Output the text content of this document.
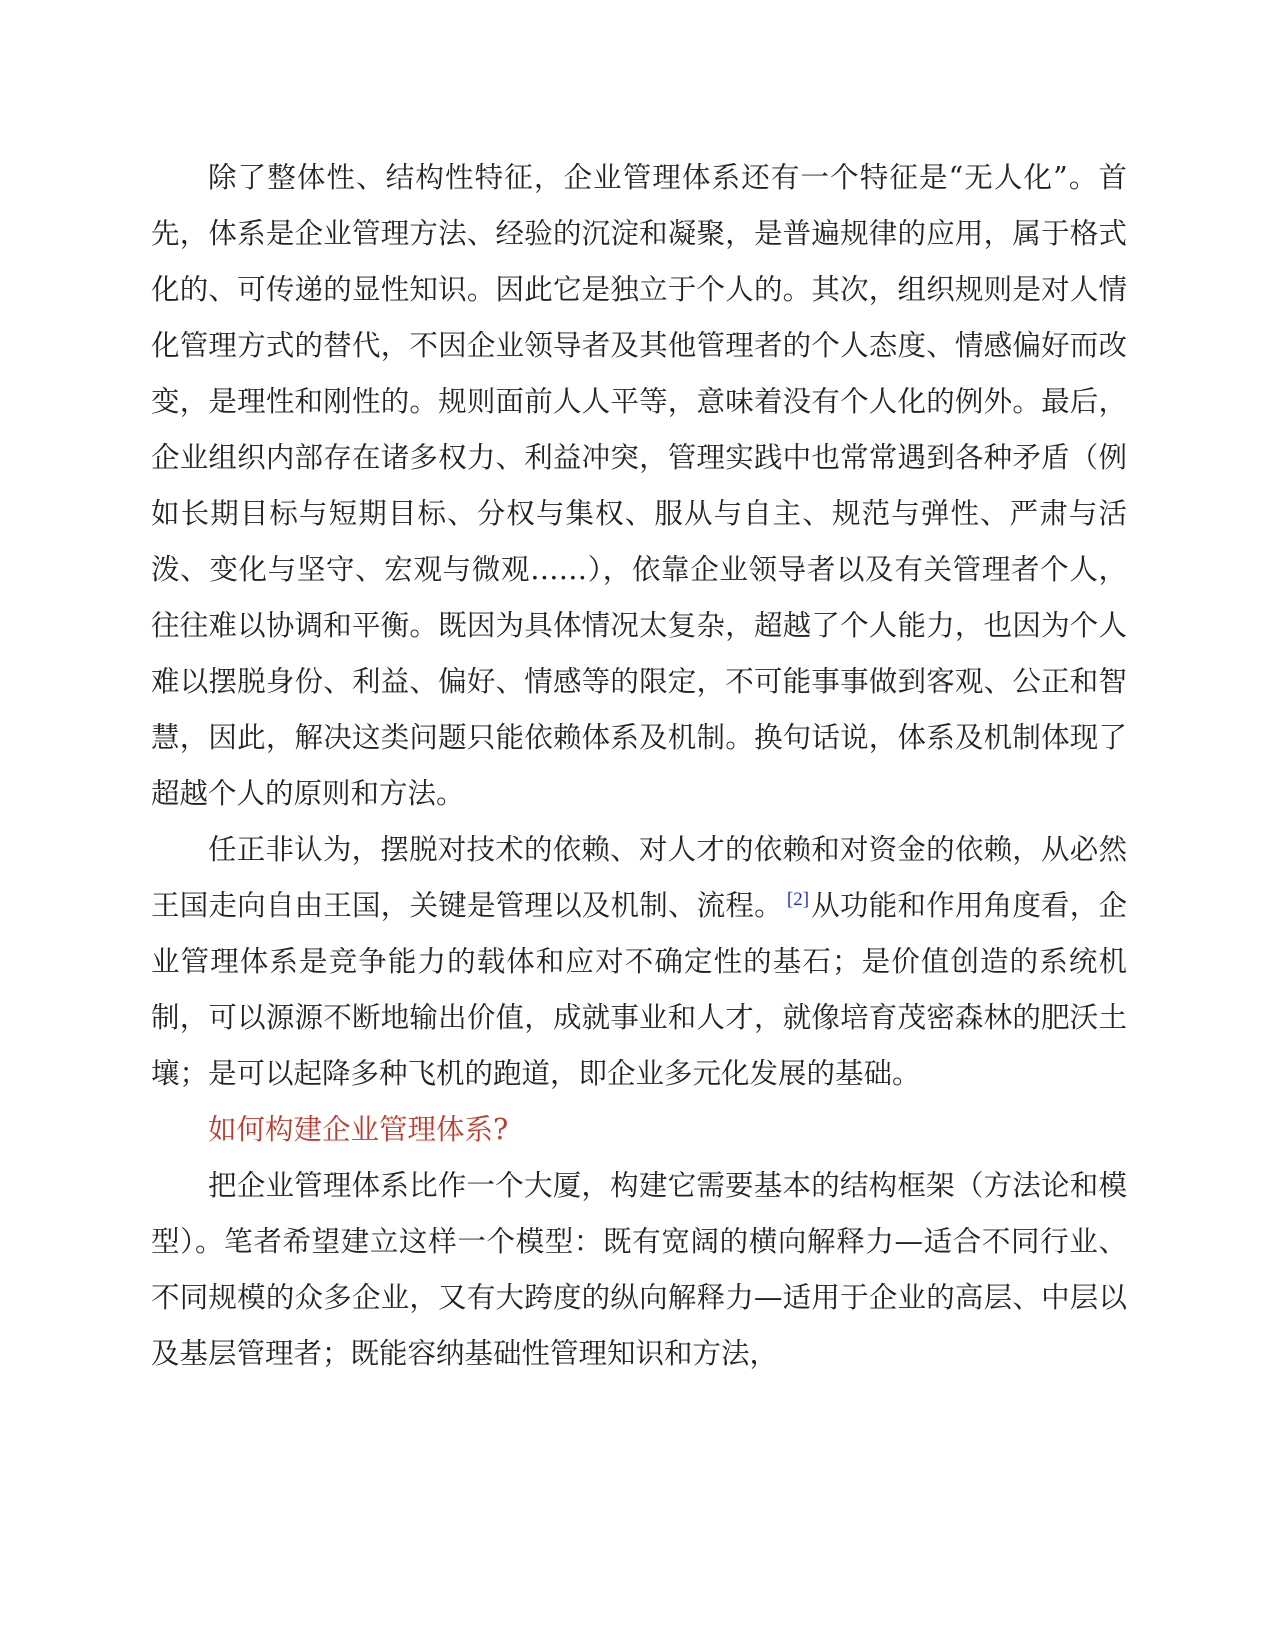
除了整体性、结构性特征，企业管理体系还有一个特征是“无人化”。首先，体系是企业管理方法、经验的沉淀和凝聚，是普遍规律的应用，属于格式化的、可传递的显性知识。因此它是独立于个人的。其次，组织规则是对人情化管理方式的替代，不因企业领导者及其他管理者的个人态度、情感偏好而改变，是理性和刚性的。规则面前人人平等，意味着没有个人化的例外。最后，企业组织内部存在诸多权力、利益冲突，管理实践中也常常遇到各种矛盾（例如长期目标与短期目标、分权与集权、服从与自主、规范与弹性、严肃与活泼、变化与坚守、宏观与微观……），依靠企业领导者以及有关管理者个人，往往难以协调和平衡。既因为具体情况太复杂，超越了个人能力，也因为个人难以摆脱身份、利益、偏好、情感等的限定，不可能事事做到客观、公正和智慧，因此，解决这类问题只能依赖体系及机制。换句话说，体系及机制体现了超越个人的原则和方法。

任正非认为，摆脱对技术的依赖、对人才的依赖和对资金的依赖，从必然王国走向自由王国，关键是管理以及机制、流程。 [2]从功能和作用角度看，企业管理体系是竞争能力的载体和应对不确定性的基石；是价值创造的系统机制，可以源源不断地输出价值，成就事业和人才，就像培育茂密森林的肥沃土壤；是可以起降多种飞机的跑道，即企业多元化发展的基础。

如何构建企业管理体系?

把企业管理体系比作一个大厦，构建它需要基本的结构框架（方法论和模型）。笔者希望建立这样一个模型：既有宽阔的横向解释力—适合不同行业、不同规模的众多企业，又有大跨度的纵向解释力—适用于企业的高层、中层以及基层管理者；既能容纳基础性管理知识和方法，
